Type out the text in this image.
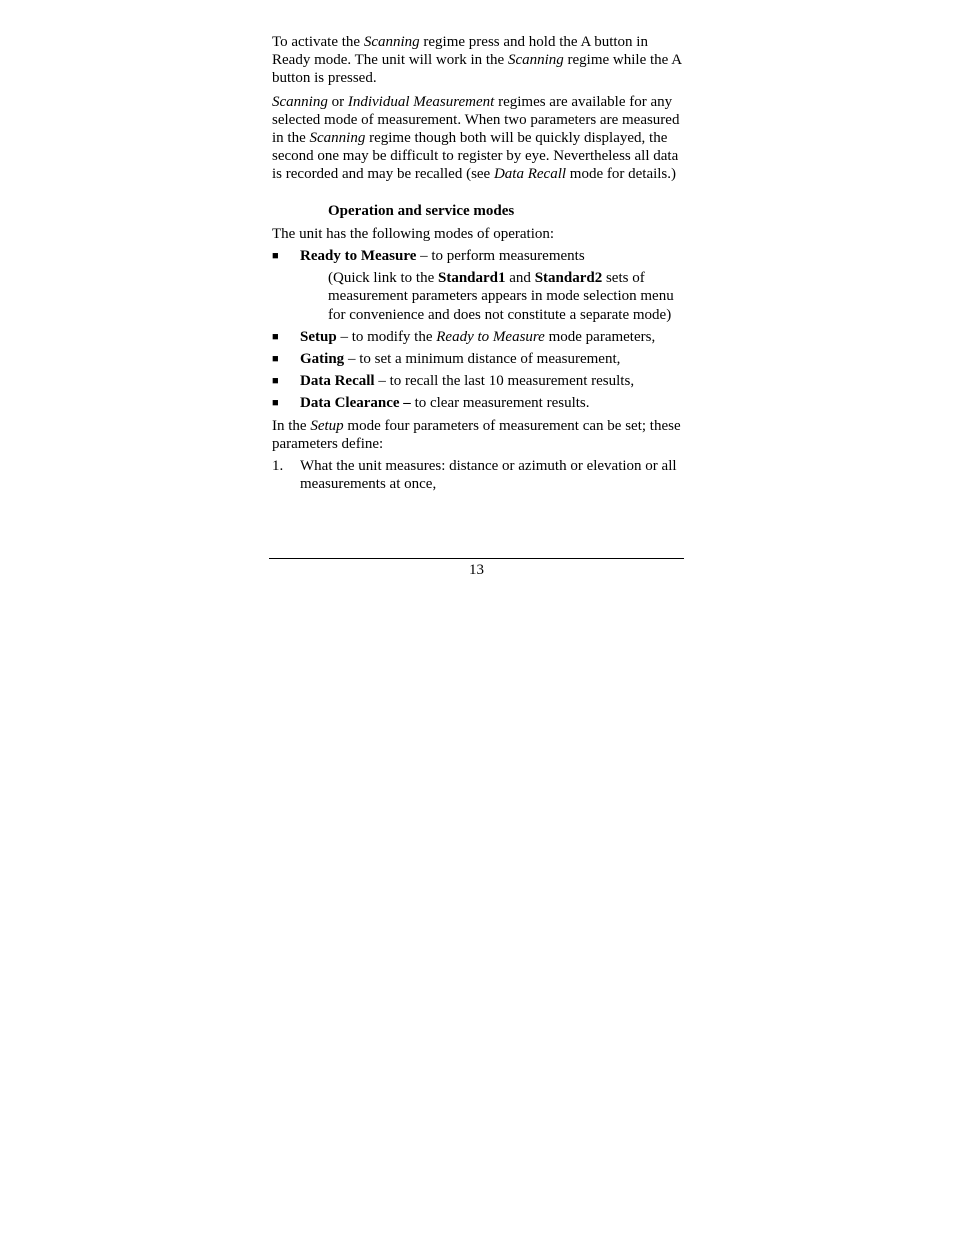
To activate the Scanning regime press and hold the A button in Ready mode. The unit will work in the Scanning regime while the A button is pressed.

Scanning or Individual Measurement regimes are available for any selected mode of measurement. When two parameters are measured in the Scanning regime though both will be quickly displayed, the second one may be difficult to register by eye. Nevertheless all data is recorded and may be recalled (see Data Recall mode for details.)

Operation and service modes

The unit has the following modes of operation:

■ Ready to Measure – to perform measurements

(Quick link to the Standard1 and Standard2 sets of measurement parameters appears in mode selection menu for convenience and does not constitute a separate mode)

■ Setup – to modify the Ready to Measure mode parameters,
■ Gating – to set a minimum distance of measurement,
■ Data Recall – to recall the last 10 measurement results,
■ Data Clearance – to clear measurement results.

In the Setup mode four parameters of measurement can be set; these parameters define:

1. What the unit measures: distance or azimuth or elevation or all measurements at once,
13
